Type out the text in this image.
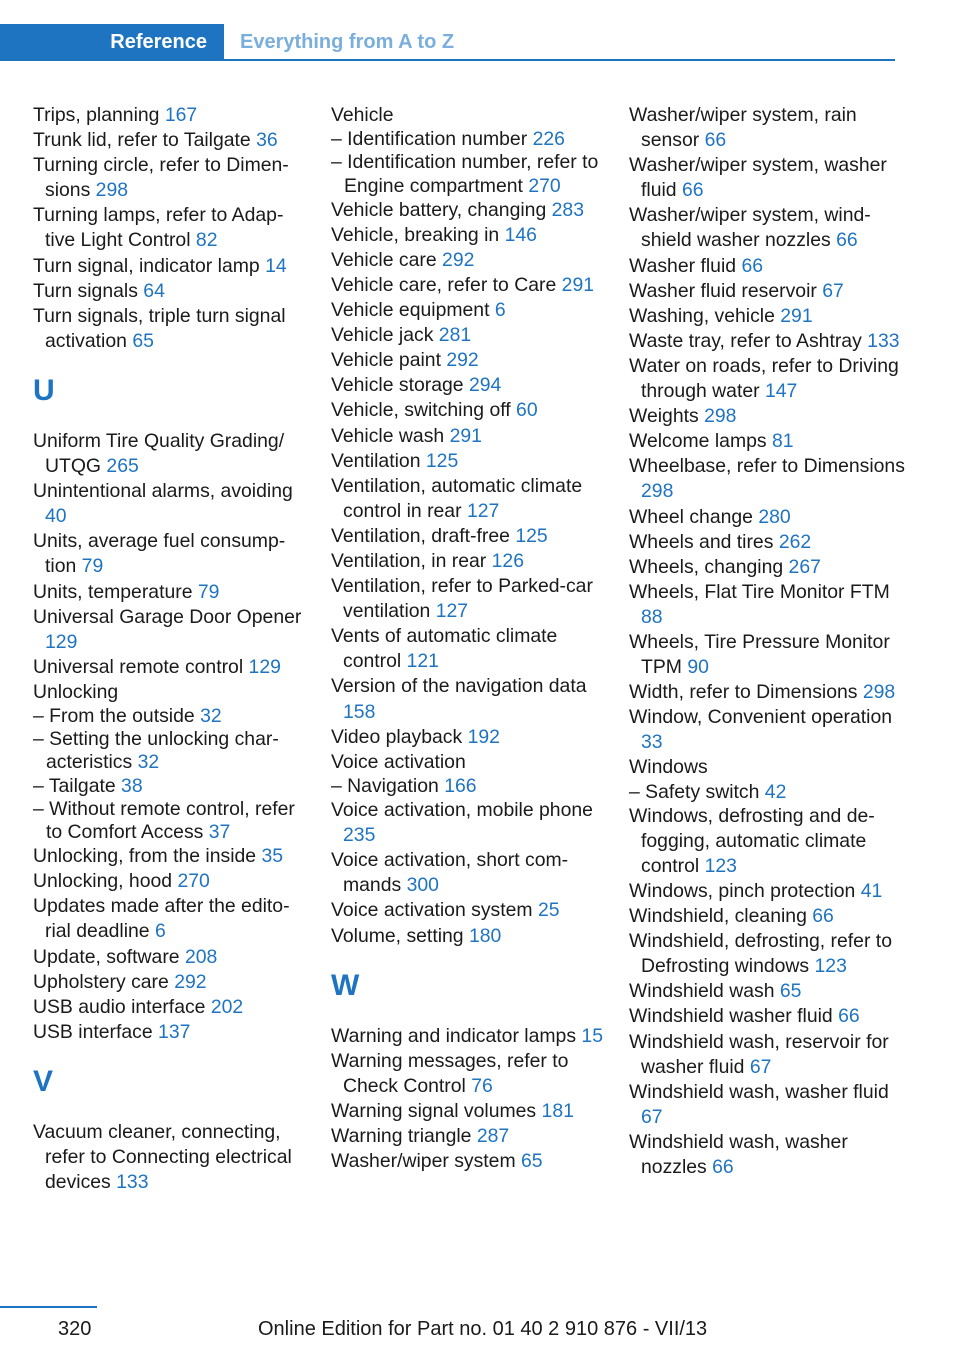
Reference	Everything from A to Z
Trips, planning 167
Trunk lid, refer to Tailgate 36
Turning circle, refer to Dimensions 298
Turning lamps, refer to Adaptive Light Control 82
Turn signal, indicator lamp 14
Turn signals 64
Turn signals, triple turn signal activation 65
U
Uniform Tire Quality Grading/ UTQG 265
Unintentional alarms, avoiding 40
Units, average fuel consumption 79
Units, temperature 79
Universal Garage Door Opener 129
Universal remote control 129
Unlocking
– From the outside 32
– Setting the unlocking characteristics 32
– Tailgate 38
– Without remote control, refer to Comfort Access 37
Unlocking, from the inside 35
Unlocking, hood 270
Updates made after the editorial deadline 6
Update, software 208
Upholstery care 292
USB audio interface 202
USB interface 137
V
Vacuum cleaner, connecting, refer to Connecting electrical devices 133
Vehicle
– Identification number 226
– Identification number, refer to Engine compartment 270
Vehicle battery, changing 283
Vehicle, breaking in 146
Vehicle care 292
Vehicle care, refer to Care 291
Vehicle equipment 6
Vehicle jack 281
Vehicle paint 292
Vehicle storage 294
Vehicle, switching off 60
Vehicle wash 291
Ventilation 125
Ventilation, automatic climate control in rear 127
Ventilation, draft-free 125
Ventilation, in rear 126
Ventilation, refer to Parked-car ventilation 127
Vents of automatic climate control 121
Version of the navigation data 158
Video playback 192
Voice activation
– Navigation 166
Voice activation, mobile phone 235
Voice activation, short commands 300
Voice activation system 25
Volume, setting 180
W
Warning and indicator lamps 15
Warning messages, refer to Check Control 76
Warning signal volumes 181
Warning triangle 287
Washer/wiper system 65
Washer/wiper system, rain sensor 66
Washer/wiper system, washer fluid 66
Washer/wiper system, windshield washer nozzles 66
Washer fluid 66
Washer fluid reservoir 67
Washing, vehicle 291
Waste tray, refer to Ashtray 133
Water on roads, refer to Driving through water 147
Weights 298
Welcome lamps 81
Wheelbase, refer to Dimensions 298
Wheel change 280
Wheels and tires 262
Wheels, changing 267
Wheels, Flat Tire Monitor FTM 88
Wheels, Tire Pressure Monitor TPM 90
Width, refer to Dimensions 298
Window, Convenient operation 33
Windows
– Safety switch 42
Windows, defrosting and defogging, automatic climate control 123
Windows, pinch protection 41
Windshield, cleaning 66
Windshield, defrosting, refer to Defrosting windows 123
Windshield wash 65
Windshield washer fluid 66
Windshield wash, reservoir for washer fluid 67
Windshield wash, washer fluid 67
Windshield wash, washer nozzles 66
320	Online Edition for Part no. 01 40 2 910 876 - VII/13
